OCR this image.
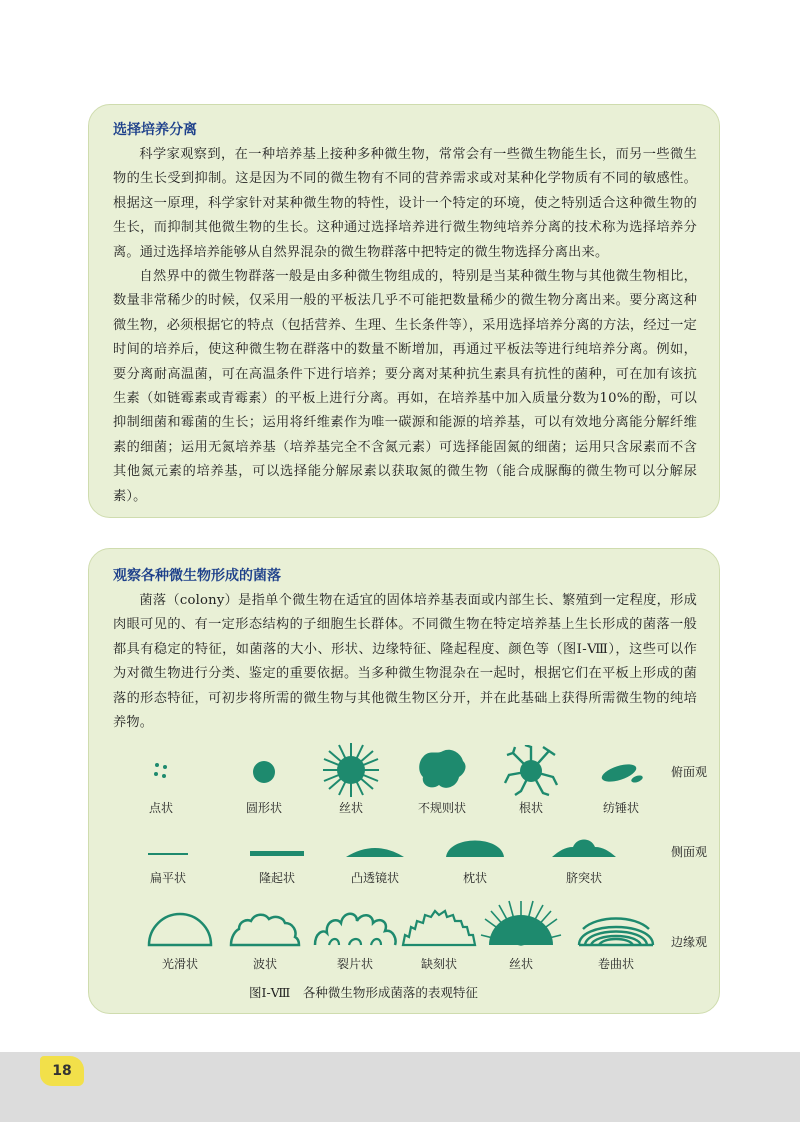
选择培养分离

科学家观察到，在一种培养基上接种多种微生物，常常会有一些微生物能生长，而另一些微生物的生长受到抑制。这是因为不同的微生物有不同的营养需求或对某种化学物质有不同的敏感性。根据这一原理，科学家针对某种微生物的特性，设计一个特定的环境，使之特别适合这种微生物的生长，而抑制其他微生物的生长。这种通过选择培养进行微生物纯培养分离的技术称为选择培养分离。通过选择培养能够从自然界混杂的微生物群落中把特定的微生物选择分离出来。

自然界中的微生物群落一般是由多种微生物组成的，特别是当某种微生物与其他微生物相比，数量非常稀少的时候，仅采用一般的平板法几乎不可能把数量稀少的微生物分离出来。要分离这种微生物，必须根据它的特点（包括营养、生理、生长条件等），采用选择培养分离的方法，经过一定时间的培养后，使这种微生物在群落中的数量不断增加，再通过平板法等进行纯培养分离。例如，要分离耐高温菌，可在高温条件下进行培养；要分离对某种抗生素具有抗性的菌种，可在加有该抗生素（如链霉素或青霉素）的平板上进行分离。再如，在培养基中加入质量分数为10%的酚，可以抑制细菌和霉菌的生长；运用将纤维素作为唯一碳源和能源的培养基，可以有效地分离能分解纤维素的细菌；运用无氮培养基（培养基完全不含氮元素）可选择能固氮的细菌；运用只含尿素而不含其他氮元素的培养基，可以选择能分解尿素以获取氮的微生物（能合成脲酶的微生物可以分解尿素）。

观察各种微生物形成的菌落

菌落（colony）是指单个微生物在适宜的固体培养基表面或内部生长、繁殖到一定程度，形成肉眼可见的、有一定形态结构的子细胞生长群体。不同微生物在特定培养基上生长形成的菌落一般都具有稳定的特征，如菌落的大小、形状、边缘特征、隆起程度、颜色等（图Ⅰ-Ⅷ），这些可以作为对微生物进行分类、鉴定的重要依据。当多种微生物混杂在一起时，根据它们在平板上形成的菌落的形态特征，可初步将所需的微生物与其他微生物区分开，并在此基础上获得所需微生物的纯培养物。

点状	圆形状	丝状	不规则状	根状	纺锤状
俯面观
扁平状	隆起状	凸透镜状	枕状	脐突状
侧面观
光滑状	波状	裂片状	缺刻状	丝状	卷曲状
边缘观
图Ⅰ-Ⅷ　各种微生物形成菌落的表观特征
18
